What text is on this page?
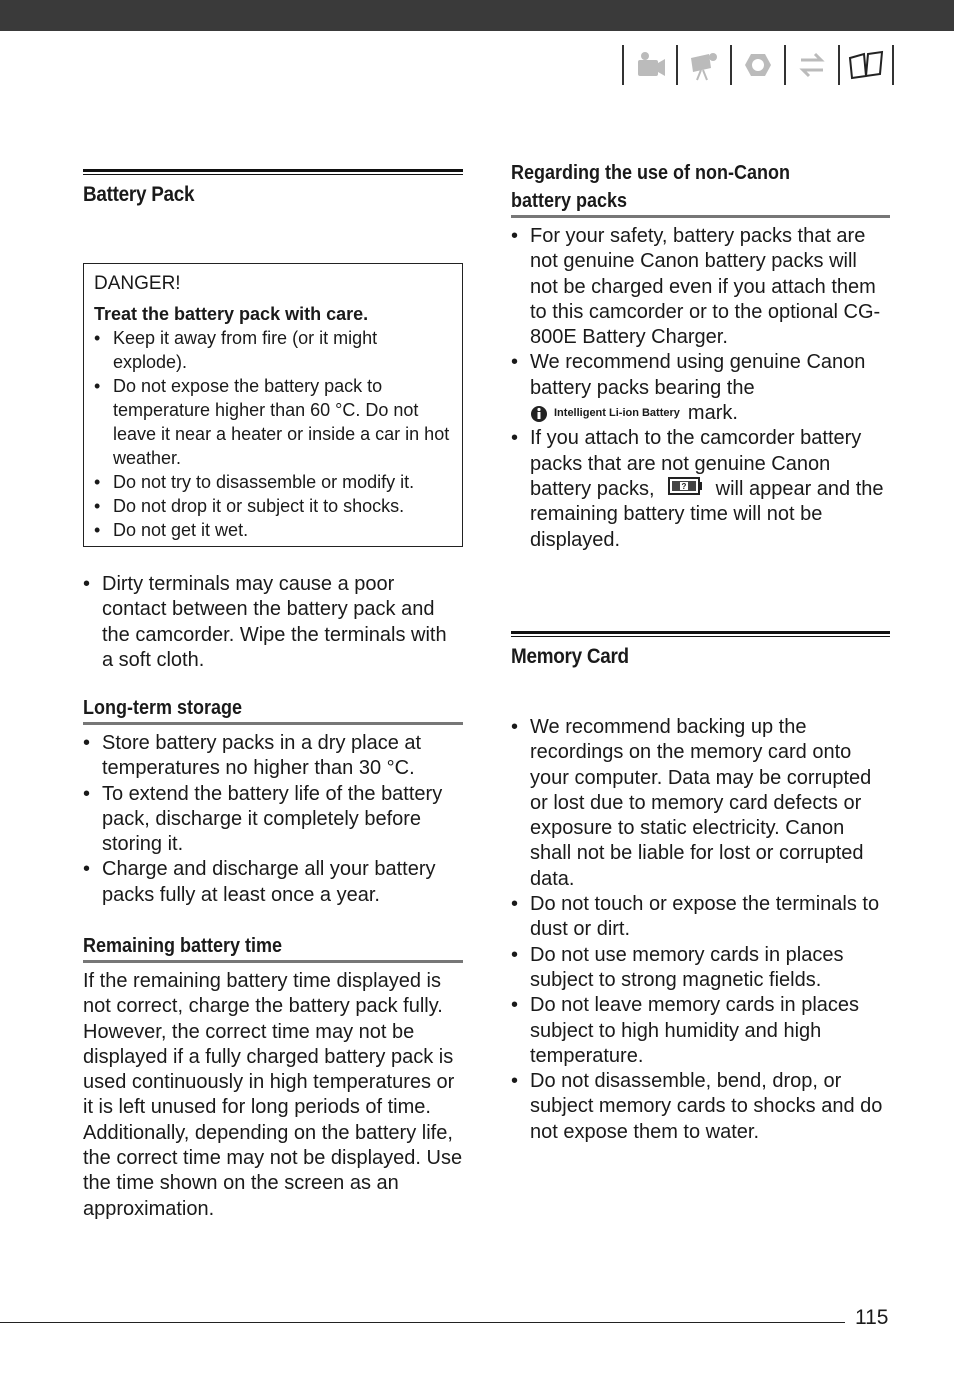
Battery Pack

DANGER!

Treat the battery pack with care.

• Keep it away from fire (or it might explode).
• Do not expose the battery pack to temperature higher than 60 °C. Do not leave it near a heater or inside a car in hot weather.
• Do not try to disassemble or modify it.
• Do not drop it or subject it to shocks.
• Do not get it wet.
• Dirty terminals may cause a poor contact between the battery pack and the camcorder. Wipe the terminals with a soft cloth.
Long-term storage
• Store battery packs in a dry place at temperatures no higher than 30 °C.
• To extend the battery life of the battery pack, discharge it completely before storing it.
• Charge and discharge all your battery packs fully at least once a year.
Remaining battery time

If the remaining battery time displayed is not correct, charge the battery pack fully. However, the correct time may not be displayed if a fully charged battery pack is used continuously in high temperatures or it is left unused for long periods of time. Additionally, depending on the battery life, the correct time may not be displayed. Use the time shown on the screen as an approximation.

Regarding the use of non-Canon battery packs
• For your safety, battery packs that are not genuine Canon battery packs will not be charged even if you attach them to this camcorder or to the optional CG-800E Battery Charger.
• We recommend using genuine Canon battery packs bearing the

Intelligent Li-ion Battery mark.
• If you attach to the camcorder battery packs that are not genuine Canon battery packs,	? will appear and the remaining battery time will not be displayed.
Memory Card
• We recommend backing up the recordings on the memory card onto your computer. Data may be corrupted or lost due to memory card defects or exposure to static electricity. Canon shall not be liable for lost or corrupted data.
• Do not touch or expose the terminals to dust or dirt.
• Do not use memory cards in places subject to strong magnetic fields.
• Do not leave memory cards in places subject to high humidity and high temperature.
• Do not disassemble, bend, drop, or subject memory cards to shocks and do not expose them to water.
115
